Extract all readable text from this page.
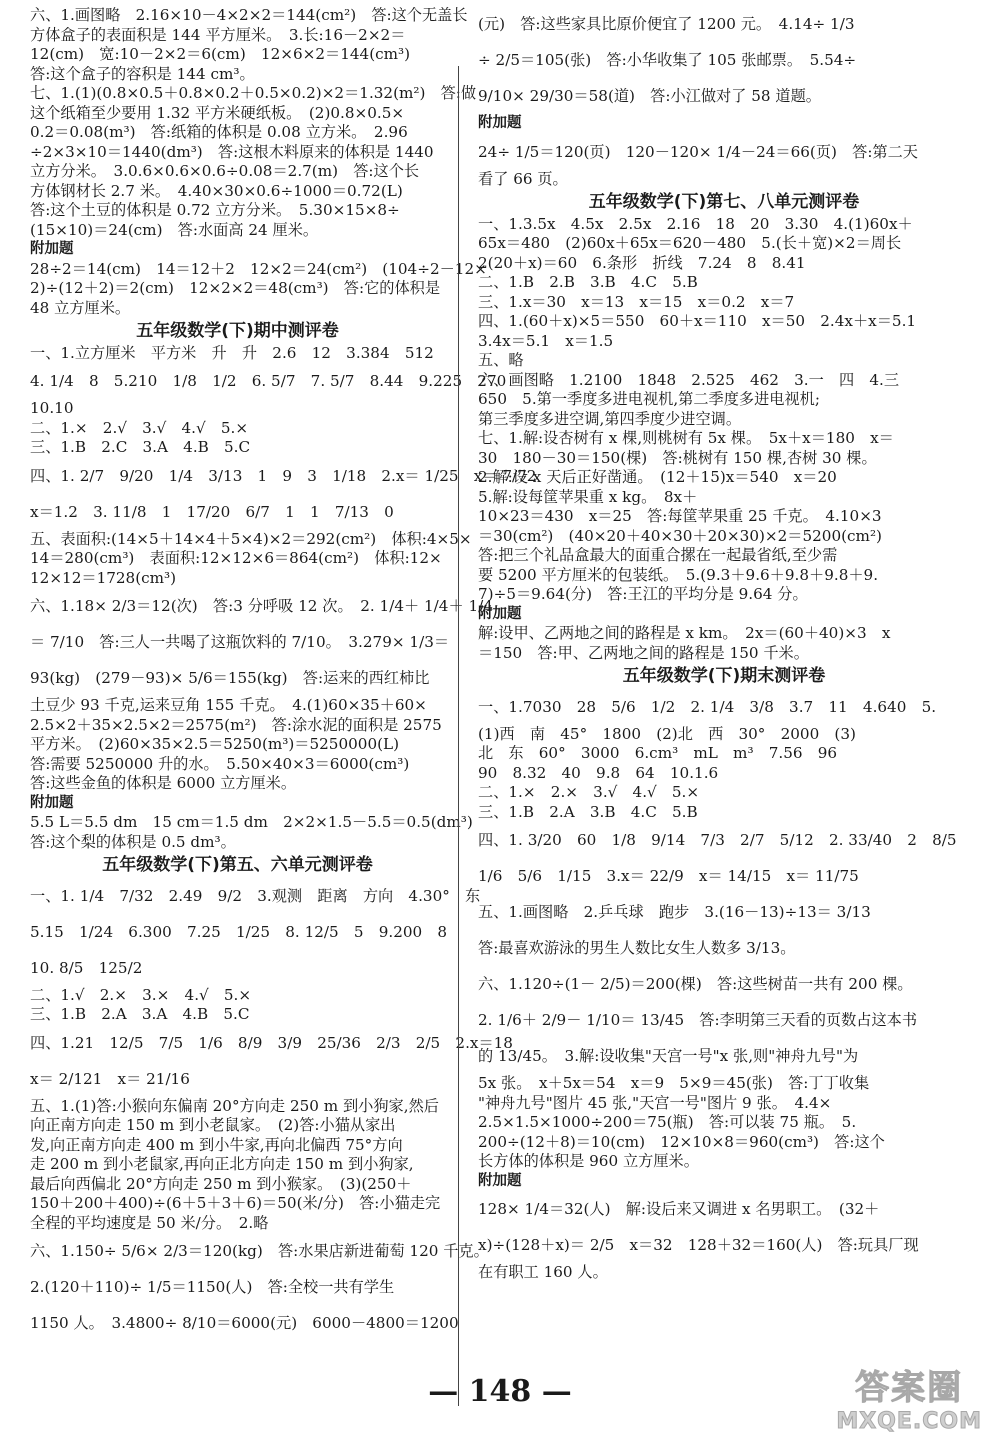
六、1.画图略　2.16×10－4×2×2＝144(cm²)　答:这个无盖长
方体盒子的表面积是 144 平方厘米。　3.长:16－2×2＝
12(cm)　宽:10－2×2＝6(cm)　12×6×2＝144(cm³)
答:这个盒子的容积是 144 cm³。
七、1.(1)(0.8×0.5＋0.8×0.2＋0.5×0.2)×2＝1.32(m²)　答:做
这个纸箱至少要用 1.32 平方米硬纸板。　(2)0.8×0.5×
0.2＝0.08(m³)　答:纸箱的体积是 0.08 立方米。　2.96
÷2×3×10＝1440(dm³)　答:这根木料原来的体积是 1440
立方分米。　3.0.6×0.6×0.6÷0.08＝2.7(m)　答:这个长
方体钢材长 2.7 米。　4.40×30×0.6÷1000＝0.72(L)
答:这个土豆的体积是 0.72 立方分米。　5.30×15×8÷
(15×10)＝24(cm)　答:水面高 24 厘米。
附加题
28÷2＝14(cm)　14＝12＋2　12×2＝24(cm²)　(104÷2－12×
2)÷(12＋2)＝2(cm)　12×2×2＝48(cm³)　答:它的体积是
48 立方厘米。
五年级数学(下)期中测评卷
一、1.立方厘米　平方米　升　升　2.6　12　3.384　512
4. 1/4　8　5.210　1/8　1/2　6. 5/7　7. 5/7　8.44　9.225　270
10.10
二、1.×　2.√　3.√　4.√　5.×
三、1.B　2.C　3.A　4.B　5.C
四、1. 2/7　9/20　1/4　3/13　1　9　3　1/18　2.x＝ 1/25　x＝ 7/72
x＝1.2　3. 11/8　1　17/20　6/7　1　1　7/13　0
五、表面积:(14×5＋14×4＋5×4)×2＝292(cm²)　体积:4×5×
14＝280(cm³)　表面积:12×12×6＝864(cm²)　体积:12×
12×12＝1728(cm³)
六、1.18× 2/3＝12(次)　答:3 分呼吸 12 次。　2. 1/4＋ 1/4＋ 1/4
＝ 7/10　答:三人一共喝了这瓶饮料的 7/10。　3.279× 1/3＝
93(kg)　(279－93)× 5/6＝155(kg)　答:运来的西红柿比
土豆少 93 千克,运来豆角 155 千克。　4.(1)60×35＋60×
2.5×2＋35×2.5×2＝2575(m²)　答:涂水泥的面积是 2575
平方米。　(2)60×35×2.5＝5250(m³)＝5250000(L)
答:需要 5250000 升的水。　5.50×40×3＝6000(cm³)
答:这些金鱼的体积是 6000 立方厘米。
附加题
5.5 L＝5.5 dm　15 cm＝1.5 dm　2×2×1.5－5.5＝0.5(dm³)
答:这个梨的体积是 0.5 dm³。
五年级数学(下)第五、六单元测评卷
一、1. 1/4　7/32　2.49　9/2　3.观测　距离　方向　4.30°　东
5.15　1/24　6.300　7.25　1/25　8. 12/5　5　9.200　8
10. 8/5　125/2
二、1.√　2.×　3.×　4.√　5.×
三、1.B　2.A　3.A　4.B　5.C
四、1.21　12/5　7/5　1/6　8/9　3/9　25/36　2/3　2/5　2.x＝18
x＝ 2/121　x＝ 21/16
五、1.(1)答:小猴向东偏南 20°方向走 250 m 到小狗家,然后
向正南方向走 150 m 到小老鼠家。　(2)答:小猫从家出
发,向正南方向走 400 m 到小牛家,再向北偏西 75°方向
走 200 m 到小老鼠家,再向正北方向走 150 m 到小狗家,
最后向西偏北 20°方向走 250 m 到小猴家。　(3)(250＋
150＋200＋400)÷(6＋5＋3＋6)＝50(米/分)　答:小猫走完
全程的平均速度是 50 米/分。　2.略
六、1.150÷ 5/6× 2/3＝120(kg)　答:水果店新进葡萄 120 千克。
2.(120＋110)÷ 1/5＝1150(人)　答:全校一共有学生
1150 人。　3.4800÷ 8/10＝6000(元)　6000－4800＝1200
(元)　答:这些家具比原价便宜了 1200 元。　4.14÷ 1/3
÷ 2/5＝105(张)　答:小华收集了 105 张邮票。　5.54÷
9/10× 29/30＝58(道)　答:小江做对了 58 道题。
附加题
24÷ 1/5＝120(页)　120－120× 1/4－24＝66(页)　答:第二天
看了 66 页。
五年级数学(下)第七、八单元测评卷
一、1.3.5x　4.5x　2.5x　2.16　18　20　3.30　4.(1)60x＋
65x＝480　(2)60x＋65x＝620－480　5.(长＋宽)×2＝周长
2(20＋x)＝60　6.条形　折线　7.24　8　8.41
二、1.B　2.B　3.B　4.C　5.B
三、1.x＝30　x＝13　x＝15　x＝0.2　x＝7
四、1.(60＋x)×5＝550　60＋x＝110　x＝50　2.4x＋x＝5.1
3.4x＝5.1　x＝1.5
五、略
六、画图略　1.2100　1848　2.525　462　3.一　四　4.三
650　5.第一季度多进电视机,第二季度多进电视机;
第三季度多进空调,第四季度少进空调。
七、1.解:设杏树有 x 棵,则桃树有 5x 棵。　5x＋x＝180　x＝
30　180－30＝150(棵)　答:桃树有 150 棵,杏树 30 棵。
2.解:设 x 天后正好凿通。　(12＋15)x＝540　x＝20
5.解:设每筐苹果重 x kg。　8x＋
10×23＝430　x＝25　答:每筐苹果重 25 千克。　4.10×3
＝30(cm²)　(40×20＋40×30＋20×30)×2＝5200(cm²)
答:把三个礼品盒最大的面重合摞在一起最省纸,至少需
要 5200 平方厘米的包装纸。　5.(9.3＋9.6＋9.8＋9.8＋9.
7)÷5＝9.64(分)　答:王江的平均分是 9.64 分。
附加题
解:设甲、乙两地之间的路程是 x km。　2x＝(60＋40)×3　x
＝150　答:甲、乙两地之间的路程是 150 千米。
五年级数学(下)期末测评卷
一、1.7030　28　5/6　1/2　2. 1/4　3/8　3.7　11　4.640　5.
(1)西　南　45°　1800　(2)北　西　30°　2000　(3)
北　东　60°　3000　6.cm³　mL　m³　7.56　96
90　8.32　40　9.8　64　10.1.6
二、1.×　2.×　3.√　4.√　5.×
三、1.B　2.A　3.B　4.C　5.B
四、1. 3/20　60　1/8　9/14　7/3　2/7　5/12　2. 33/40　2　8/5
1/6　5/6　1/15　3.x＝ 22/9　x＝ 14/15　x＝ 11/75
五、1.画图略　2.乒乓球　跑步　3.(16－13)÷13＝ 3/13
答:最喜欢游泳的男生人数比女生人数多 3/13。
六、1.120÷(1－ 2/5)＝200(棵)　答:这些树苗一共有 200 棵。
2. 1/6＋ 2/9－ 1/10＝ 13/45　答:李明第三天看的页数占这本书
的 13/45。　3.解:设收集"天宫一号"x 张,则"神舟九号"为
5x 张。　x＋5x＝54　x＝9　5×9＝45(张)　答:丁丁收集
"神舟九号"图片 45 张,"天宫一号"图片 9 张。　4.4×
2.5×1.5×1000÷200＝75(瓶)　答:可以装 75 瓶。　5.
200÷(12＋8)＝10(cm)　12×10×8＝960(cm³)　答:这个
长方体的体积是 960 立方厘米。
附加题
128× 1/4＝32(人)　解:设后来又调进 x 名男职工。　(32＋
x)÷(128＋x)＝ 2/5　x＝32　128＋32＝160(人)　答:玩具厂现
在有职工 160 人。
— 148 —	答案圈
MXQE.COM
